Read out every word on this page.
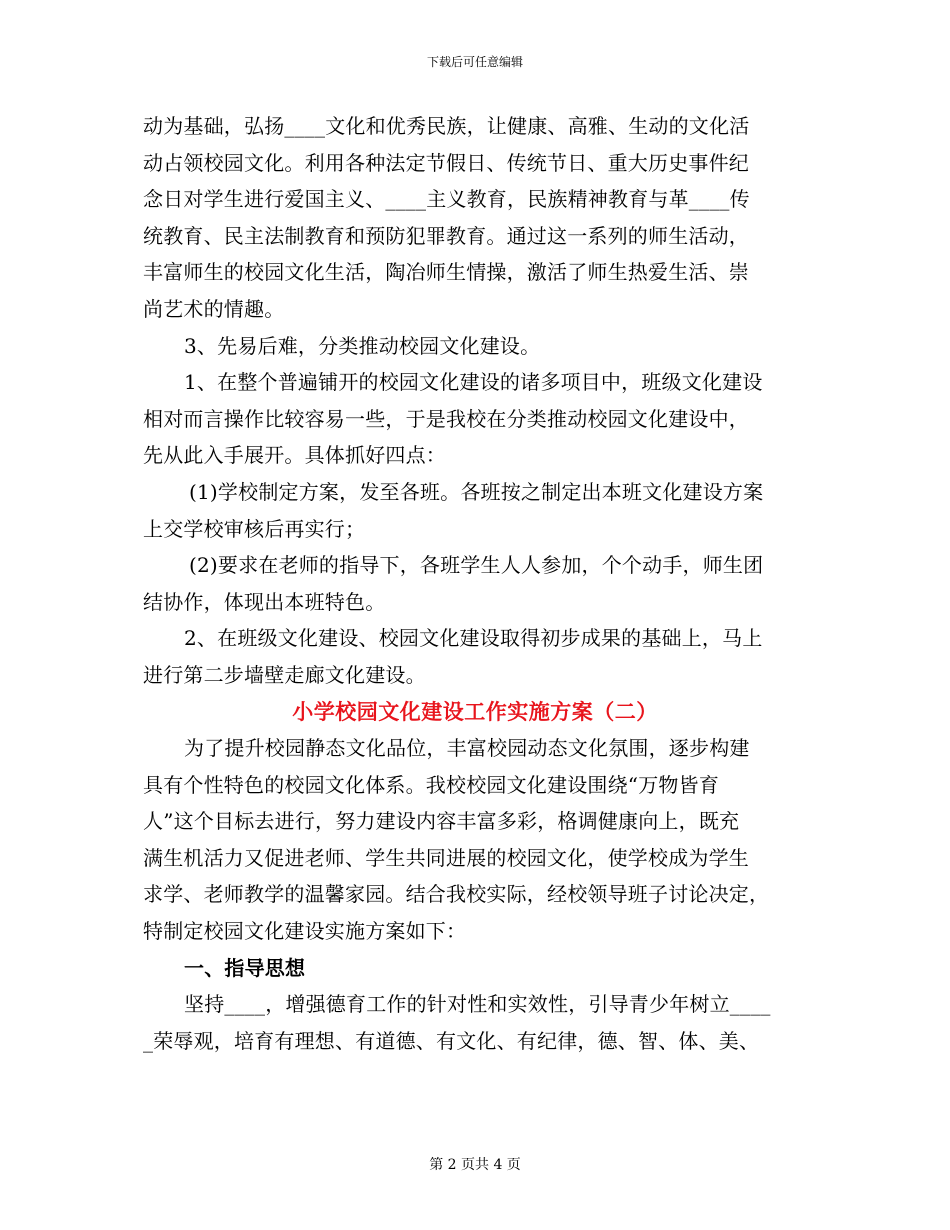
下载后可任意编辑
动为基础，弘扬____文化和优秀民族，让健康、高雅、生动的文化活
动占领校园文化。利用各种法定节假日、传统节日、重大历史事件纪
念日对学生进行爱国主义、____主义教育，民族精神教育与革____传
统教育、民主法制教育和预防犯罪教育。通过这一系列的师生活动，
丰富师生的校园文化生活，陶冶师生情操，激活了师生热爱生活、崇
尚艺术的情趣。
3、先易后难，分类推动校园文化建设。
1、在整个普遍铺开的校园文化建设的诸多项目中，班级文化建设
相对而言操作比较容易一些，于是我校在分类推动校园文化建设中，
先从此入手展开。具体抓好四点：
(1)学校制定方案，发至各班。各班按之制定出本班文化建设方案
上交学校审核后再实行；
(2)要求在老师的指导下，各班学生人人参加，个个动手，师生团
结协作，体现出本班特色。
2、在班级文化建设、校园文化建设取得初步成果的基础上，马上
进行第二步墙壁走廊文化建设。
小学校园文化建设工作实施方案（二）
为了提升校园静态文化品位，丰富校园动态文化氛围，逐步构建
具有个性特色的校园文化体系。我校校园文化建设围绕“万物皆育
人”这个目标去进行，努力建设内容丰富多彩，格调健康向上，既充
满生机活力又促进老师、学生共同进展的校园文化，使学校成为学生
求学、老师教学的温馨家园。结合我校实际，经校领导班子讨论决定，
特制定校园文化建设实施方案如下：
一、指导思想
坚持____，增强德育工作的针对性和实效性，引导青少年树立____
_荣辱观，培育有理想、有道德、有文化、有纪律，德、智、体、美、
第 2 页共 4 页
